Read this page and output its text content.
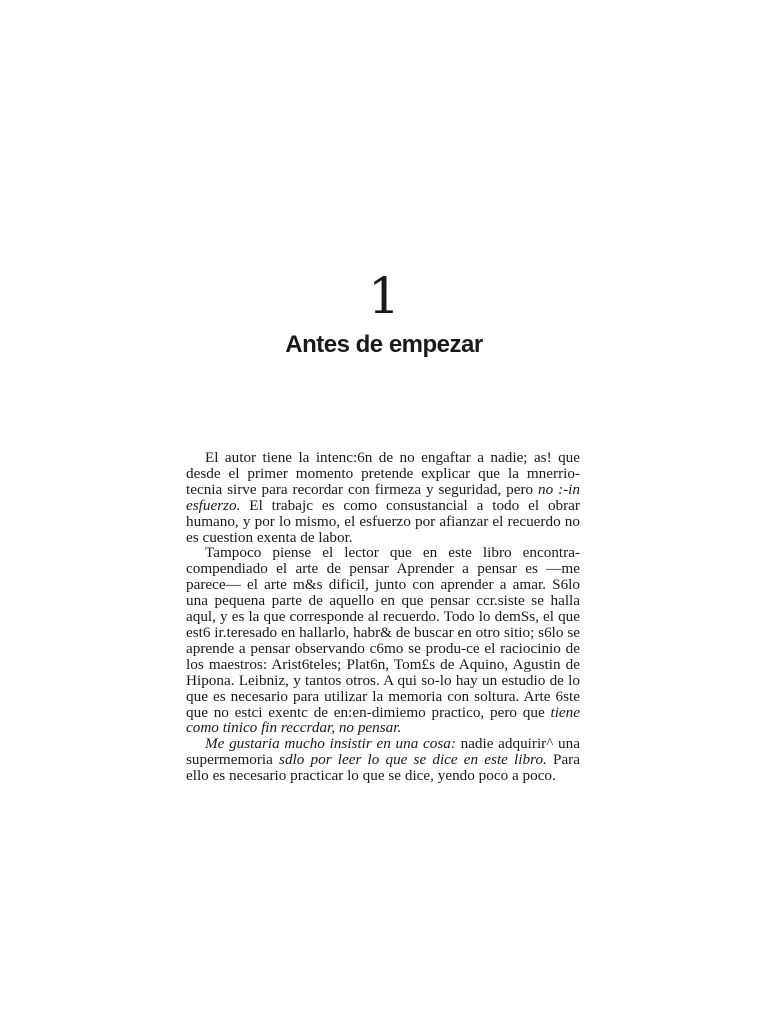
1
Antes de empezar

El autor tiene la intenc:6n de no engaftar a nadie; as! que desde el primer momento pretende explicar que la mnerrio-tecnia sirve para recordar con firmeza y seguridad, pero no :-in esfuerzo. El trabajc es como consustancial a todo el obrar humano, y por lo mismo, el esfuerzo por afianzar el recuerdo no es cuestion exenta de labor.

Tampoco piense el lector que en este libro encontra-compendiado el arte de pensar Aprender a pensar es —me parece— el arte m&s dificil, junto con aprender a amar. S6lo una pequena parte de aquello en que pensar ccr.siste se halla aqul, y es la que corresponde al recuerdo. Todo lo demSs, el que est6 ir.teresado en hallarlo, habr& de buscar en otro sitio; s6lo se aprende a pensar observando c6mo se produ-ce el raciocinio de los maestros: Arist6teles; Plat6n, Tom£s de Aquino, Agustin de Hipona. Leibniz, y tantos otros. A qui so-lo hay un estudio de lo que es necesario para utilizar la memoria con soltura. Arte 6ste que no estci exentc de en:en-dimiemo practico, pero que tiene como tinico fin reccrdar, no pensar.

Me gustaria mucho insistir en una cosa: nadie adquirir^ una supermemoria sdlo por leer lo que se dice en este libro. Para ello es necesario practicar lo que se dice, yendo poco a poco.
